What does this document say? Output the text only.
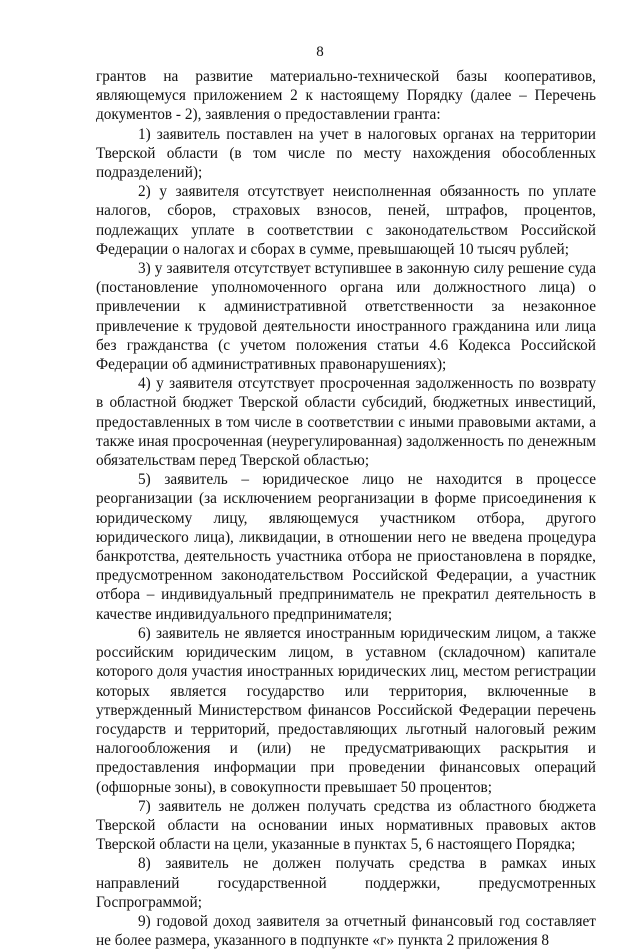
8

грантов на развитие материально-технической базы кооперативов, являющемуся приложением 2 к настоящему Порядку (далее – Перечень документов - 2), заявления о предоставлении гранта:

1) заявитель поставлен на учет в налоговых органах на территории Тверской области (в том числе по месту нахождения обособленных подразделений);

2) у заявителя отсутствует неисполненная обязанность по уплате налогов, сборов, страховых взносов, пеней, штрафов, процентов, подлежащих уплате в соответствии с законодательством Российской Федерации о налогах и сборах в сумме, превышающей 10 тысяч рублей;

3) у заявителя отсутствует вступившее в законную силу решение суда (постановление уполномоченного органа или должностного лица) о привлечении к административной ответственности за незаконное привлечение к трудовой деятельности иностранного гражданина или лица без гражданства (с учетом положения статьи 4.6 Кодекса Российской Федерации об административных правонарушениях);

4) у заявителя отсутствует просроченная задолженность по возврату в областной бюджет Тверской области субсидий, бюджетных инвестиций, предоставленных в том числе в соответствии с иными правовыми актами, а также иная просроченная (неурегулированная) задолженность по денежным обязательствам перед Тверской областью;

5) заявитель – юридическое лицо не находится в процессе реорганизации (за исключением реорганизации в форме присоединения к юридическому лицу, являющемуся участником отбора, другого юридического лица), ликвидации, в отношении него не введена процедура банкротства, деятельность участника отбора не приостановлена в порядке, предусмотренном законодательством Российской Федерации, а участник отбора – индивидуальный предприниматель не прекратил деятельность в качестве индивидуального предпринимателя;

6) заявитель не является иностранным юридическим лицом, а также российским юридическим лицом, в уставном (складочном) капитале которого доля участия иностранных юридических лиц, местом регистрации которых является государство или территория, включенные в утвержденный Министерством финансов Российской Федерации перечень государств и территорий, предоставляющих льготный налоговый режим налогообложения и (или) не предусматривающих раскрытия и предоставления информации при проведении финансовых операций (офшорные зоны), в совокупности превышает 50 процентов;

7) заявитель не должен получать средства из областного бюджета Тверской области на основании иных нормативных правовых актов Тверской области на цели, указанные в пунктах 5, 6 настоящего Порядка;

8) заявитель не должен получать средства в рамках иных направлений государственной поддержки, предусмотренных Госпрограммой;

9) годовой доход заявителя за отчетный финансовый год составляет не более размера, указанного в подпункте «г» пункта 2 приложения 8
